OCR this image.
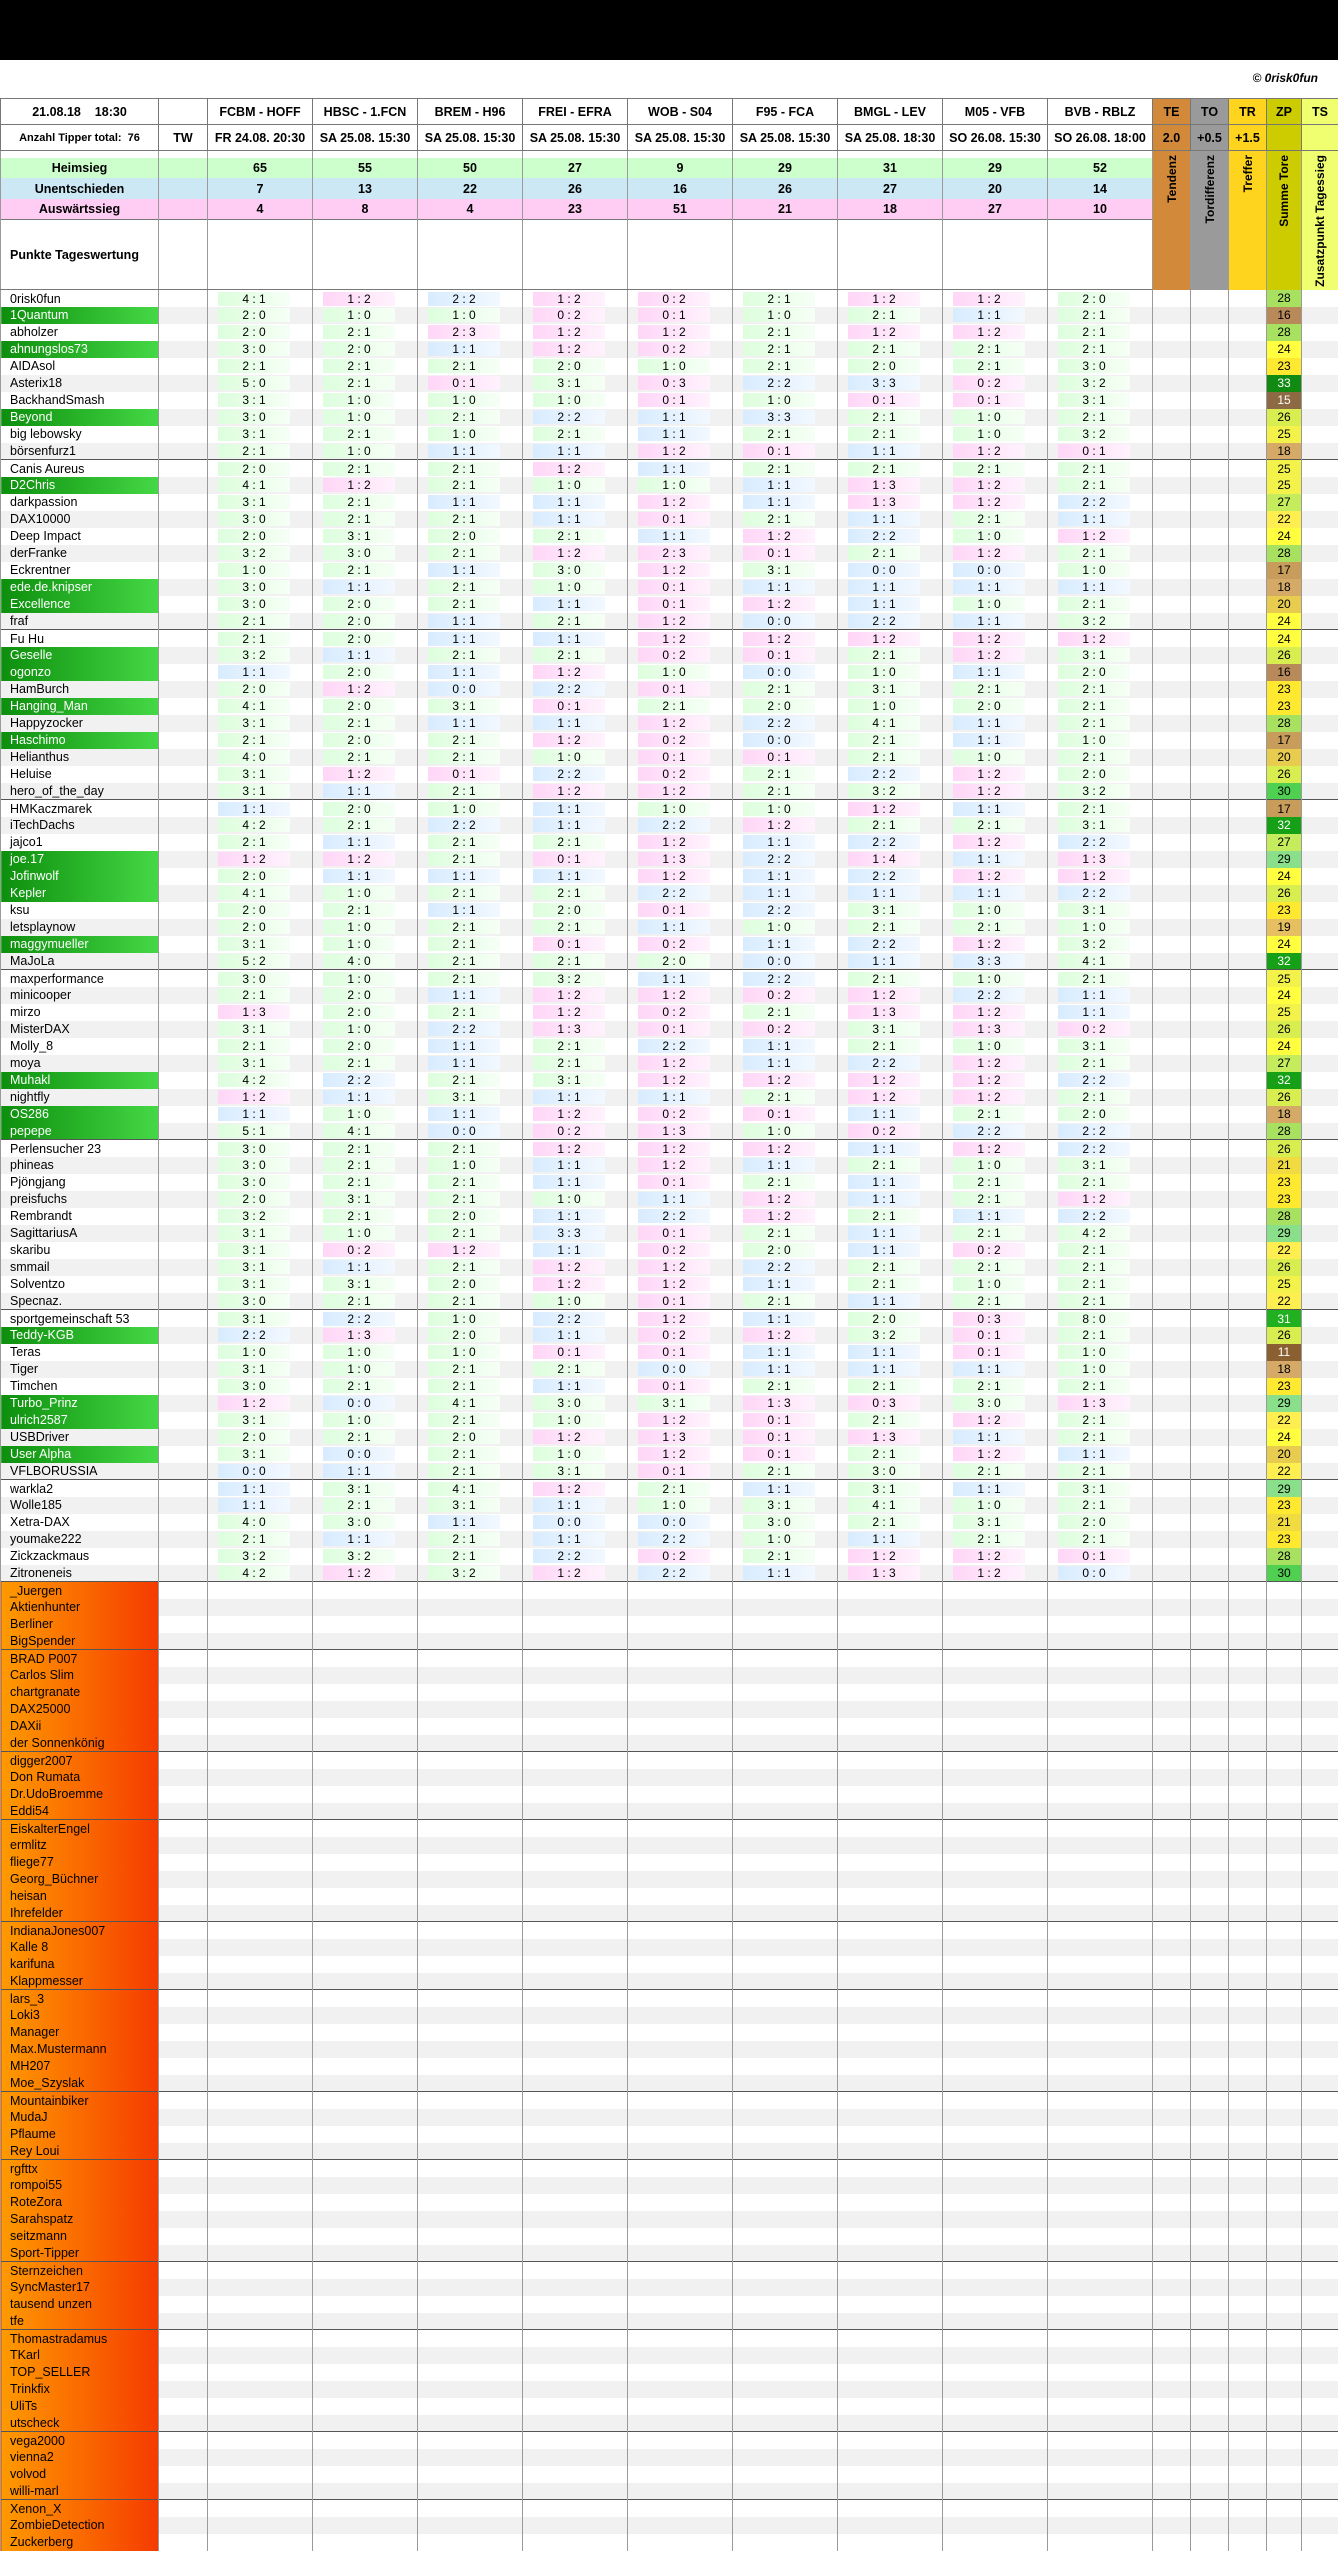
© 0risk0fun
21.08.18 18:30		FCBM - HOFF	HBSC - 1.FCN	BREM - H96	FREI - EFRA	WOB - S04	F95 - FCA	BMGL - LEV	M05 - VFB	BVB - RBLZ	TE	TO	TR	ZP	TS
Anzahl Tipper total: 76	TW	FR 24.08. 20:30	SA 25.08. 15:30	SA 25.08. 15:30	SA 25.08. 15:30	SA 25.08. 15:30	SA 25.08. 15:30	SA 25.08. 18:30	SO 26.08. 15:30	SO 26.08. 18:00	2.0	+0.5	+1.5		
											Tendenz	Tordifferenz	Treffer	Summe Tore	Zusatzpunkt Tagessieg
Heimsieg		65	55	50	27	9	29	31	29	52					
Unentschieden		7	13	22	26	16	26	27	20	14					
Auswärtssieg		4	8	4	23	51	21	18	27	10					
Punkte Tageswertung															
0risk0fun		4 : 1	1 : 2	2 : 2	1 : 2	0 : 2	2 : 1	1 : 2	1 : 2	2 : 0				28	
1Quantum		2 : 0	1 : 0	1 : 0	0 : 2	0 : 1	1 : 0	2 : 1	1 : 1	2 : 1				16	
abholzer		2 : 0	2 : 1	2 : 3	1 : 2	1 : 2	2 : 1	1 : 2	1 : 2	2 : 1				28	
ahnungslos73		3 : 0	2 : 0	1 : 1	1 : 2	0 : 2	2 : 1	2 : 1	2 : 1	2 : 1				24	
AIDAsol		2 : 1	2 : 1	2 : 1	2 : 0	1 : 0	2 : 1	2 : 0	2 : 1	3 : 0				23	
Asterix18		5 : 0	2 : 1	0 : 1	3 : 1	0 : 3	2 : 2	3 : 3	0 : 2	3 : 2				33	
BackhandSmash		3 : 1	1 : 0	1 : 0	1 : 0	0 : 1	1 : 0	0 : 1	0 : 1	3 : 1				15	
Beyond		3 : 0	1 : 0	2 : 1	2 : 2	1 : 1	3 : 3	2 : 1	1 : 0	2 : 1				26	
big lebowsky		3 : 1	2 : 1	1 : 0	2 : 1	1 : 1	2 : 1	2 : 1	1 : 0	3 : 2				25	
börsenfurz1		2 : 1	1 : 0	1 : 1	1 : 1	1 : 2	0 : 1	1 : 1	1 : 2	0 : 1				18	
Canis Aureus		2 : 0	2 : 1	2 : 1	1 : 2	1 : 1	2 : 1	2 : 1	2 : 1	2 : 1				25	
D2Chris		4 : 1	1 : 2	2 : 1	1 : 0	1 : 0	1 : 1	1 : 3	1 : 2	2 : 1				25	
darkpassion		3 : 1	2 : 1	1 : 1	1 : 1	1 : 2	1 : 1	1 : 3	1 : 2	2 : 2				27	
DAX10000		3 : 0	2 : 1	2 : 1	1 : 1	0 : 1	2 : 1	1 : 1	2 : 1	1 : 1				22	
Deep Impact		2 : 0	3 : 1	2 : 0	2 : 1	1 : 1	1 : 2	2 : 2	1 : 0	1 : 2				24	
derFranke		3 : 2	3 : 0	2 : 1	1 : 2	2 : 3	0 : 1	2 : 1	1 : 2	2 : 1				28	
Eckrentner		1 : 0	2 : 1	1 : 1	3 : 0	1 : 2	3 : 1	0 : 0	0 : 0	1 : 0				17	
ede.de.knipser		3 : 0	1 : 1	2 : 1	1 : 0	0 : 1	1 : 1	1 : 1	1 : 1	1 : 1				18	
Excellence		3 : 0	2 : 0	2 : 1	1 : 1	0 : 1	1 : 2	1 : 1	1 : 0	2 : 1				20	
fraf		2 : 1	2 : 0	1 : 1	2 : 1	1 : 2	0 : 0	2 : 2	1 : 1	3 : 2				24	
Fu Hu		2 : 1	2 : 0	1 : 1	1 : 1	1 : 2	1 : 2	1 : 2	1 : 2	1 : 2				24	
Geselle		3 : 2	1 : 1	2 : 1	2 : 1	0 : 2	0 : 1	2 : 1	1 : 2	3 : 1				26	
ogonzo		1 : 1	2 : 0	1 : 1	1 : 2	1 : 0	0 : 0	1 : 0	1 : 1	2 : 0				16	
HamBurch		2 : 0	1 : 2	0 : 0	2 : 2	0 : 1	2 : 1	3 : 1	2 : 1	2 : 1				23	
Hanging_Man		4 : 1	2 : 0	3 : 1	0 : 1	2 : 1	2 : 0	1 : 0	2 : 0	2 : 1				23	
Happyzocker		3 : 1	2 : 1	1 : 1	1 : 1	1 : 2	2 : 2	4 : 1	1 : 1	2 : 1				28	
Haschimo		2 : 1	2 : 0	2 : 1	1 : 2	0 : 2	0 : 0	2 : 1	1 : 1	1 : 0				17	
Helianthus		4 : 0	2 : 1	2 : 1	1 : 0	0 : 1	0 : 1	2 : 1	1 : 0	2 : 1				20	
Heluise		3 : 1	1 : 2	0 : 1	2 : 2	0 : 2	2 : 1	2 : 2	1 : 2	2 : 0				26	
hero_of_the_day		3 : 1	1 : 1	2 : 1	1 : 2	1 : 2	2 : 1	3 : 2	1 : 2	3 : 2				30	
HMKaczmarek		1 : 1	2 : 0	1 : 0	1 : 1	1 : 0	1 : 0	1 : 2	1 : 1	2 : 1				17	
iTechDachs		4 : 2	2 : 1	2 : 2	1 : 1	2 : 2	1 : 2	2 : 1	2 : 1	3 : 1				32	
jajco1		2 : 1	1 : 1	2 : 1	2 : 1	1 : 2	1 : 1	2 : 2	1 : 2	2 : 2				27	
joe.17		1 : 2	1 : 2	2 : 1	0 : 1	1 : 3	2 : 2	1 : 4	1 : 1	1 : 3				29	
Jofinwolf		2 : 0	1 : 1	1 : 1	1 : 1	1 : 2	1 : 1	2 : 2	1 : 2	1 : 2				24	
Kepler		4 : 1	1 : 0	2 : 1	2 : 1	2 : 2	1 : 1	1 : 1	1 : 1	2 : 2				26	
ksu		2 : 0	2 : 1	1 : 1	2 : 0	0 : 1	2 : 2	3 : 1	1 : 0	3 : 1				23	
letsplaynow		2 : 0	1 : 0	2 : 1	2 : 1	1 : 1	1 : 0	2 : 1	2 : 1	1 : 0				19	
maggymueller		3 : 1	1 : 0	2 : 1	0 : 1	0 : 2	1 : 1	2 : 2	1 : 2	3 : 2				24	
MaJoLa		5 : 2	4 : 0	2 : 1	2 : 1	2 : 0	0 : 0	1 : 1	3 : 3	4 : 1				32	
maxperformance		3 : 0	1 : 0	2 : 1	3 : 2	1 : 1	2 : 2	2 : 1	1 : 0	2 : 1				25	
minicooper		2 : 1	2 : 0	1 : 1	1 : 2	1 : 2	0 : 2	1 : 2	2 : 2	1 : 1				24	
mirzo		1 : 3	2 : 0	2 : 1	1 : 2	0 : 2	2 : 1	1 : 3	1 : 2	1 : 1				25	
MisterDAX		3 : 1	1 : 0	2 : 2	1 : 3	0 : 1	0 : 2	3 : 1	1 : 3	0 : 2				26	
Molly_8		2 : 1	2 : 0	1 : 1	2 : 1	2 : 2	1 : 1	2 : 1	1 : 0	3 : 1				24	
moya		3 : 1	2 : 1	1 : 1	2 : 1	1 : 2	1 : 1	2 : 2	1 : 2	2 : 1				27	
Muhakl		4 : 2	2 : 2	2 : 1	3 : 1	1 : 2	1 : 2	1 : 2	1 : 2	2 : 2				32	
nightfly		1 : 2	1 : 1	3 : 1	1 : 1	1 : 1	2 : 1	1 : 2	1 : 2	2 : 1				26	
OS286		1 : 1	1 : 0	1 : 1	1 : 2	0 : 2	0 : 1	1 : 1	2 : 1	2 : 0				18	
pepepe		5 : 1	4 : 1	0 : 0	0 : 2	1 : 3	1 : 0	0 : 2	2 : 2	2 : 2				28	
Perlensucher 23		3 : 0	2 : 1	2 : 1	1 : 2	1 : 2	1 : 2	1 : 1	1 : 2	2 : 2				26	
phineas		3 : 0	2 : 1	1 : 0	1 : 1	1 : 2	1 : 1	2 : 1	1 : 0	3 : 1				21	
Pjöngjang		3 : 0	2 : 1	2 : 1	1 : 1	0 : 1	2 : 1	1 : 1	2 : 1	2 : 1				23	
preisfuchs		2 : 0	3 : 1	2 : 1	1 : 0	1 : 1	1 : 2	1 : 1	2 : 1	1 : 2				23	
Rembrandt		3 : 2	2 : 1	2 : 0	1 : 1	2 : 2	1 : 2	2 : 1	1 : 1	2 : 2				28	
SagittariusA		3 : 1	1 : 0	2 : 1	3 : 3	0 : 1	2 : 1	1 : 1	2 : 1	4 : 2				29	
skaribu		3 : 1	0 : 2	1 : 2	1 : 1	0 : 2	2 : 0	1 : 1	0 : 2	2 : 1				22	
smmail		3 : 1	1 : 1	2 : 1	1 : 2	1 : 2	2 : 2	2 : 1	2 : 1	2 : 1				26	
Solventzo		3 : 1	3 : 1	2 : 0	1 : 2	1 : 2	1 : 1	2 : 1	1 : 0	2 : 1				25	
Specnaz.		3 : 0	2 : 1	2 : 1	1 : 0	0 : 1	2 : 1	1 : 1	2 : 1	2 : 1				22	
sportgemeinschaft 53		3 : 1	2 : 2	1 : 0	2 : 2	1 : 2	1 : 1	2 : 0	0 : 3	8 : 0				31	
Teddy-KGB		2 : 2	1 : 3	2 : 0	1 : 1	0 : 2	1 : 2	3 : 2	0 : 1	2 : 1				26	
Teras		1 : 0	1 : 0	1 : 0	0 : 1	0 : 1	1 : 1	1 : 1	0 : 1	1 : 0				11	
Tiger		3 : 1	1 : 0	2 : 1	2 : 1	0 : 0	1 : 1	1 : 1	1 : 1	1 : 0				18	
Timchen		3 : 0	2 : 1	2 : 1	1 : 1	0 : 1	2 : 1	2 : 1	2 : 1	2 : 1				23	
Turbo_Prinz		1 : 2	0 : 0	4 : 1	3 : 0	3 : 1	1 : 3	0 : 3	3 : 0	1 : 3				29	
ulrich2587		3 : 1	1 : 0	2 : 1	1 : 0	1 : 2	0 : 1	2 : 1	1 : 2	2 : 1				22	
USBDriver		2 : 0	2 : 1	2 : 0	1 : 2	1 : 3	0 : 1	1 : 3	1 : 1	2 : 1				24	
User Alpha		3 : 1	0 : 0	2 : 1	1 : 0	1 : 2	0 : 1	2 : 1	1 : 2	1 : 1				20	
VFLBORUSSIA		0 : 0	1 : 1	2 : 1	3 : 1	0 : 1	2 : 1	3 : 0	2 : 1	2 : 1				22	
warkla2		1 : 1	3 : 1	4 : 1	1 : 2	2 : 1	1 : 1	3 : 1	1 : 1	3 : 1				29	
Wolle185		1 : 1	2 : 1	3 : 1	1 : 1	1 : 0	3 : 1	4 : 1	1 : 0	2 : 1				23	
Xetra-DAX		4 : 0	3 : 0	1 : 1	0 : 0	0 : 0	3 : 0	2 : 1	3 : 1	2 : 0				21	
youmake222		2 : 1	1 : 1	2 : 1	1 : 1	2 : 2	1 : 0	1 : 1	2 : 1	2 : 1				23	
Zickzackmaus		3 : 2	3 : 2	2 : 1	2 : 2	0 : 2	2 : 1	1 : 2	1 : 2	0 : 1				28	
Zitroneneis		4 : 2	1 : 2	3 : 2	1 : 2	2 : 2	1 : 1	1 : 3	1 : 2	0 : 0				30	
_Juergen															
Aktienhunter															
Berliner															
BigSpender															
BRAD P007															
Carlos Slim															
chartgranate															
DAX25000															
DAXii															
der Sonnenkönig															
digger2007															
Don Rumata															
Dr.UdoBroemme															
Eddi54															
EiskalterEngel															
ermlitz															
fliege77															
Georg_Büchner															
heisan															
Ihrefelder															
IndianaJones007															
Kalle 8															
karifuna															
Klappmesser															
lars_3															
Loki3															
Manager															
Max.Mustermann															
MH207															
Moe_Szyslak															
Mountainbiker															
MudaJ															
Pflaume															
Rey Loui															
rgfttx															
rompoi55															
RoteZora															
Sarahspatz															
seitzmann															
Sport-Tipper															
Sternzeichen															
SyncMaster17															
tausend unzen															
tfe															
Thomastradamus															
TKarl															
TOP_SELLER															
Trinkfix															
UliTs															
utscheck															
vega2000															
vienna2															
volvod															
willi-marl															
Xenon_X															
ZombieDetection															
Zuckerberg															
